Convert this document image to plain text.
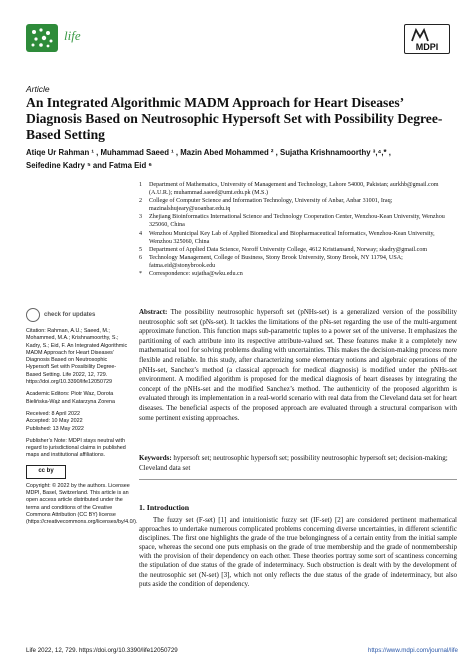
life
MDPI
Article
An Integrated Algorithmic MADM Approach for Heart Diseases’ Diagnosis Based on Neutrosophic Hypersoft Set with Possibility Degree-Based Setting
Atiqe Ur Rahman ¹ , Muhammad Saeed ¹ , Mazin Abed Mohammed ² , Sujatha Krishnamoorthy ³,⁴,* ,
Seifedine Kadry ⁵ and Fatma Eid ⁶
1	Department of Mathematics, University of Management and Technology, Lahore 54000, Pakistan; aurkhb@gmail.com (A.U.R.); muhammad.saeed@umt.edu.pk (M.S.)
2	College of Computer Science and Information Technology, University of Anbar, Anbar 31001, Iraq; mazinalshujeary@uoanbar.edu.iq
3	Zhejiang Bioinformatics International Science and Technology Cooperation Center, Wenzhou-Kean University, Wenzhou 325060, China
4	Wenzhou Municipal Key Lab of Applied Biomedical and Biopharmaceutical Informatics, Wenzhou-Kean University, Wenzhou 325060, China
5	Department of Applied Data Science, Noroff University College, 4612 Kristiansand, Norway; skadry@gmail.com
6	Technology Management, College of Business, Stony Brook University, Stony Brook, NY 11794, USA; fatma.eid@stonybrook.edu
*	Correspondence: sujatha@wku.edu.cn
check for updates
Citation: Rahman, A.U.; Saeed, M.; Mohammed, M.A.; Krishnamoorthy, S.; Kadry, S.; Eid, F. An Integrated Algorithmic MADM Approach for Heart Diseases’ Diagnosis Based on Neutrosophic Hypersoft Set with Possibility Degree-Based Setting. Life 2022, 12, 729. https://doi.org/10.3390/life12050729
Academic Editors: Piotr Waz, Dorota Bielińska-Wąż and Katarzyna Zorena
Received: 8 April 2022
Accepted: 10 May 2022
Published: 13 May 2022
Publisher’s Note: MDPI stays neutral with regard to jurisdictional claims in published maps and institutional affiliations.
cc by
Copyright: © 2022 by the authors. Licensee MDPI, Basel, Switzerland. This article is an open access article distributed under the terms and conditions of the Creative Commons Attribution (CC BY) license (https://creativecommons.org/licenses/by/4.0/).
Abstract: The possibility neutrosophic hypersoft set (pNHs-set) is a generalized version of the possibility neutrosophic soft set (pNs-set). It tackles the limitations of the pNs-set regarding the use of the multi-argument approximate function. This function maps sub-parametric tuples to a power set of the universe. It emphasizes the partitioning of each attribute into its respective attribute-valued set. These features make it a completely new mathematical tool for solving problems dealing with uncertainties. This makes the decision-making process more flexible and reliable. In this study, after characterizing some elementary notions and algebraic operations of the pNHs-set, Sanchez’s method (a classical approach for medical diagnosis) is modified under the pNHs-set environment. A modified algorithm is proposed for the medical diagnosis of heart diseases by integrating the concept of the pNHs-set and the modified Sanchez’s method. The authenticity of the proposed algorithm is evaluated through its implementation in a real-world scenario with real data from the Cleveland data set for heart diseases. The beneficial aspects of the proposed approach are evaluated through a structural comparison with some pertinent existing approaches.
Keywords: hypersoft set; neutrosophic hypersoft set; possibility neutrosophic hypersoft set; decision-making; Cleveland data set
1. Introduction
The fuzzy set (F-set) [1] and intuitionistic fuzzy set (IF-set) [2] are considered pertinent mathematical approaches to undertake numerous complicated problems concerning diverse uncertainties, in different scientific disciplines. The first one highlights the grade of the true belongingness of a certain entity from the initial sample space, whereas the second one puts emphasis on the grade of true membership and the grade of nonmembership with the provision of their dependency on each other. These theories portray some sort of scantiness concerning the stipulation of due status of the grade of indeterminacy. Such obstruction is dealt with by the development of the neutrosophic set (N-set) [3], which not only reflects the due status of the grade of indeterminacy, but also puts aside the condition of dependency.
Life 2022, 12, 729. https://doi.org/10.3390/life12050729	https://www.mdpi.com/journal/life
